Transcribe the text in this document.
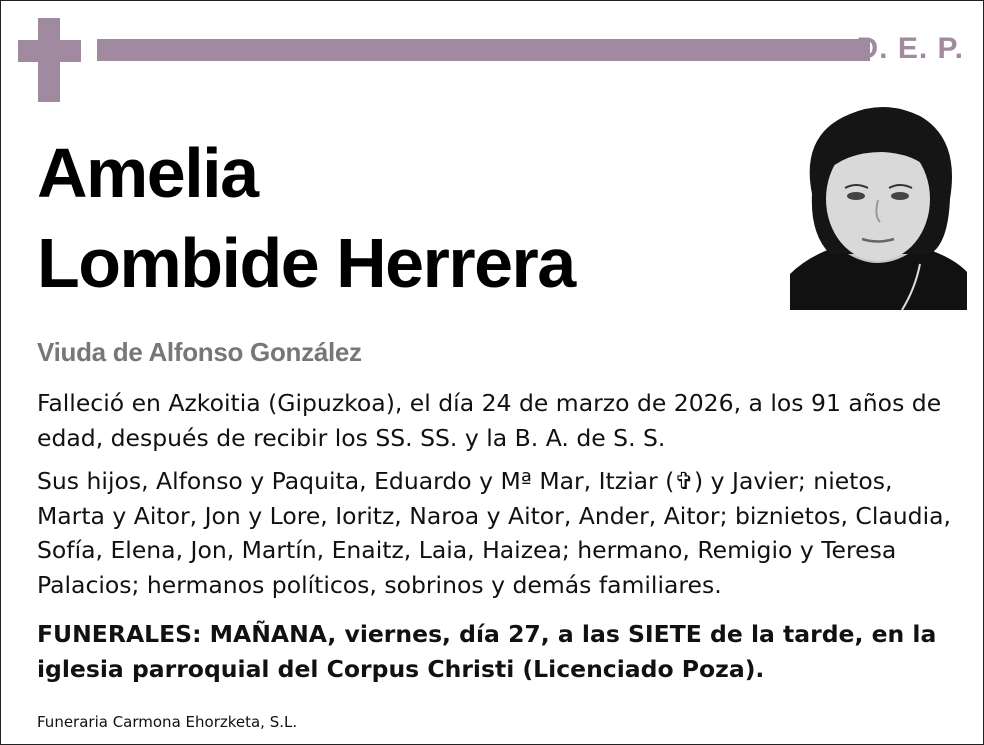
D. E. P.
Amelia
Lombide Herrera
Viuda de Alfonso González
Falleció en Azkoitia (Gipuzkoa), el día 24 de marzo de 2026, a los 91 años de edad, después de recibir los SS. SS. y la B. A. de S. S.
Sus hijos, Alfonso y Paquita, Eduardo y Mª Mar, Itziar (✞) y Javier; nietos, Marta y Aitor, Jon y Lore, Ioritz, Naroa y Aitor, Ander, Aitor; biznietos, Claudia, Sofía, Elena, Jon, Martín, Enaitz, Laia, Haizea; hermano, Remigio y Teresa Palacios; hermanos políticos, sobrinos y demás familiares.
FUNERALES: MAÑANA, viernes, día 27, a las SIETE de la tarde, en la iglesia parroquial del Corpus Christi (Licenciado Poza).
Funeraria Carmona Ehorzketa, S.L.
